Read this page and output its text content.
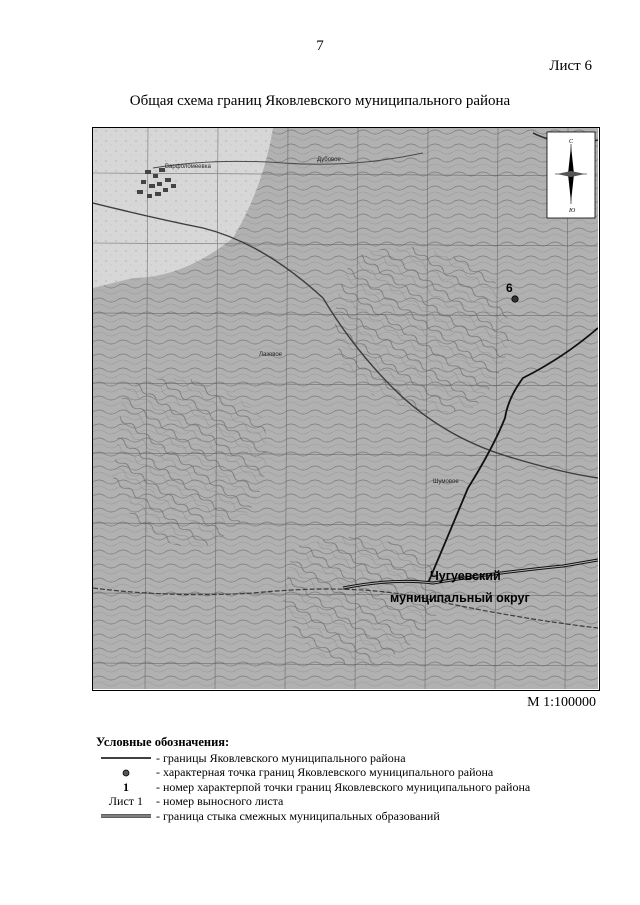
7
Лист 6
Общая схема границ Яковлевского муниципального района
Варфоломеевка
Дубовое
Лазовое
Шумовое
6
Чугуевский
муниципальный округ
С
Ю
М 1:100000
Условные обозначения:
- границы Яковлевского муниципального района
- характерная точка границ Яковлевского муниципального района
1 - номер характерпой точки границ Яковлевского муниципального района
Лист 1 - номер выносного листа
- граница стыка смежных муниципальных образований
